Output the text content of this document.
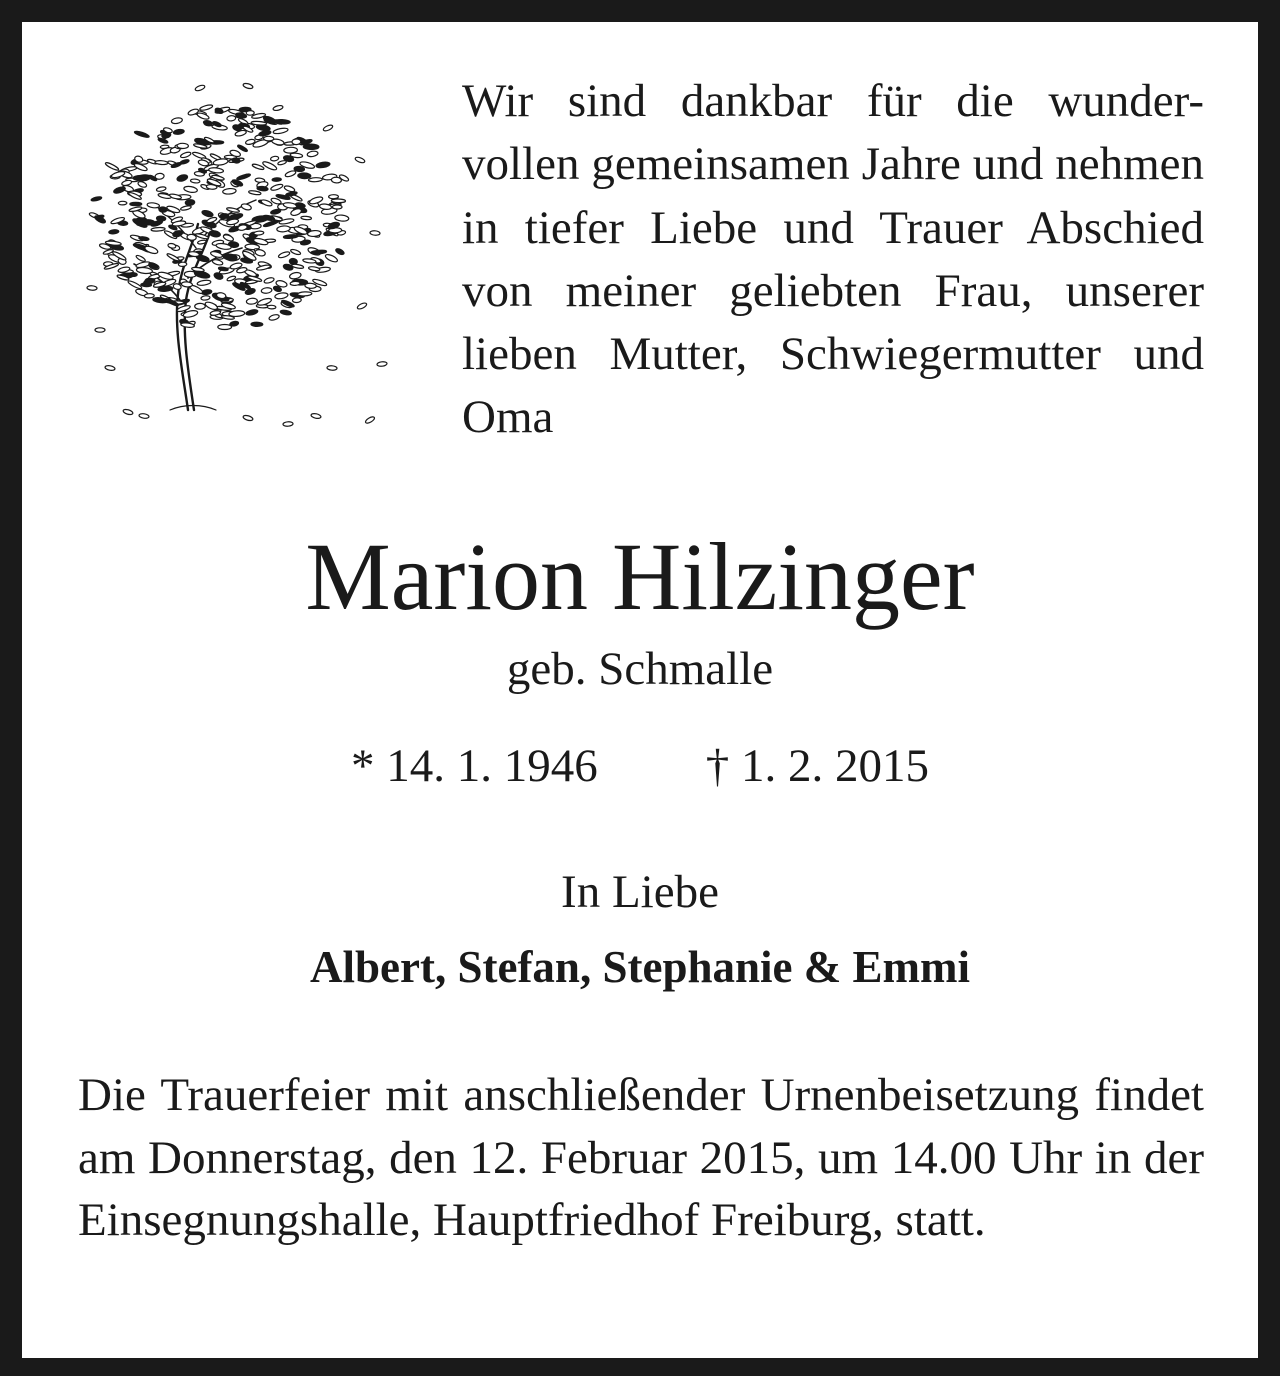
Wir sind dankbar für die wunder-vollen gemeinsamen Jahre und nehmen in tiefer Liebe und Trauer Abschied von meiner geliebten Frau, unserer lieben Mutter, Schwiegermutter und Oma

Marion Hilzinger
geb. Schmalle
* 14. 1. 1946 † 1. 2. 2015
In Liebe
Albert, Stefan, Stephanie & Emmi

Die Trauerfeier mit anschließender Urnenbeisetzung findet am Donnerstag, den 12. Februar 2015, um 14.00 Uhr in der Einsegnungshalle, Hauptfriedhof Freiburg, statt.
